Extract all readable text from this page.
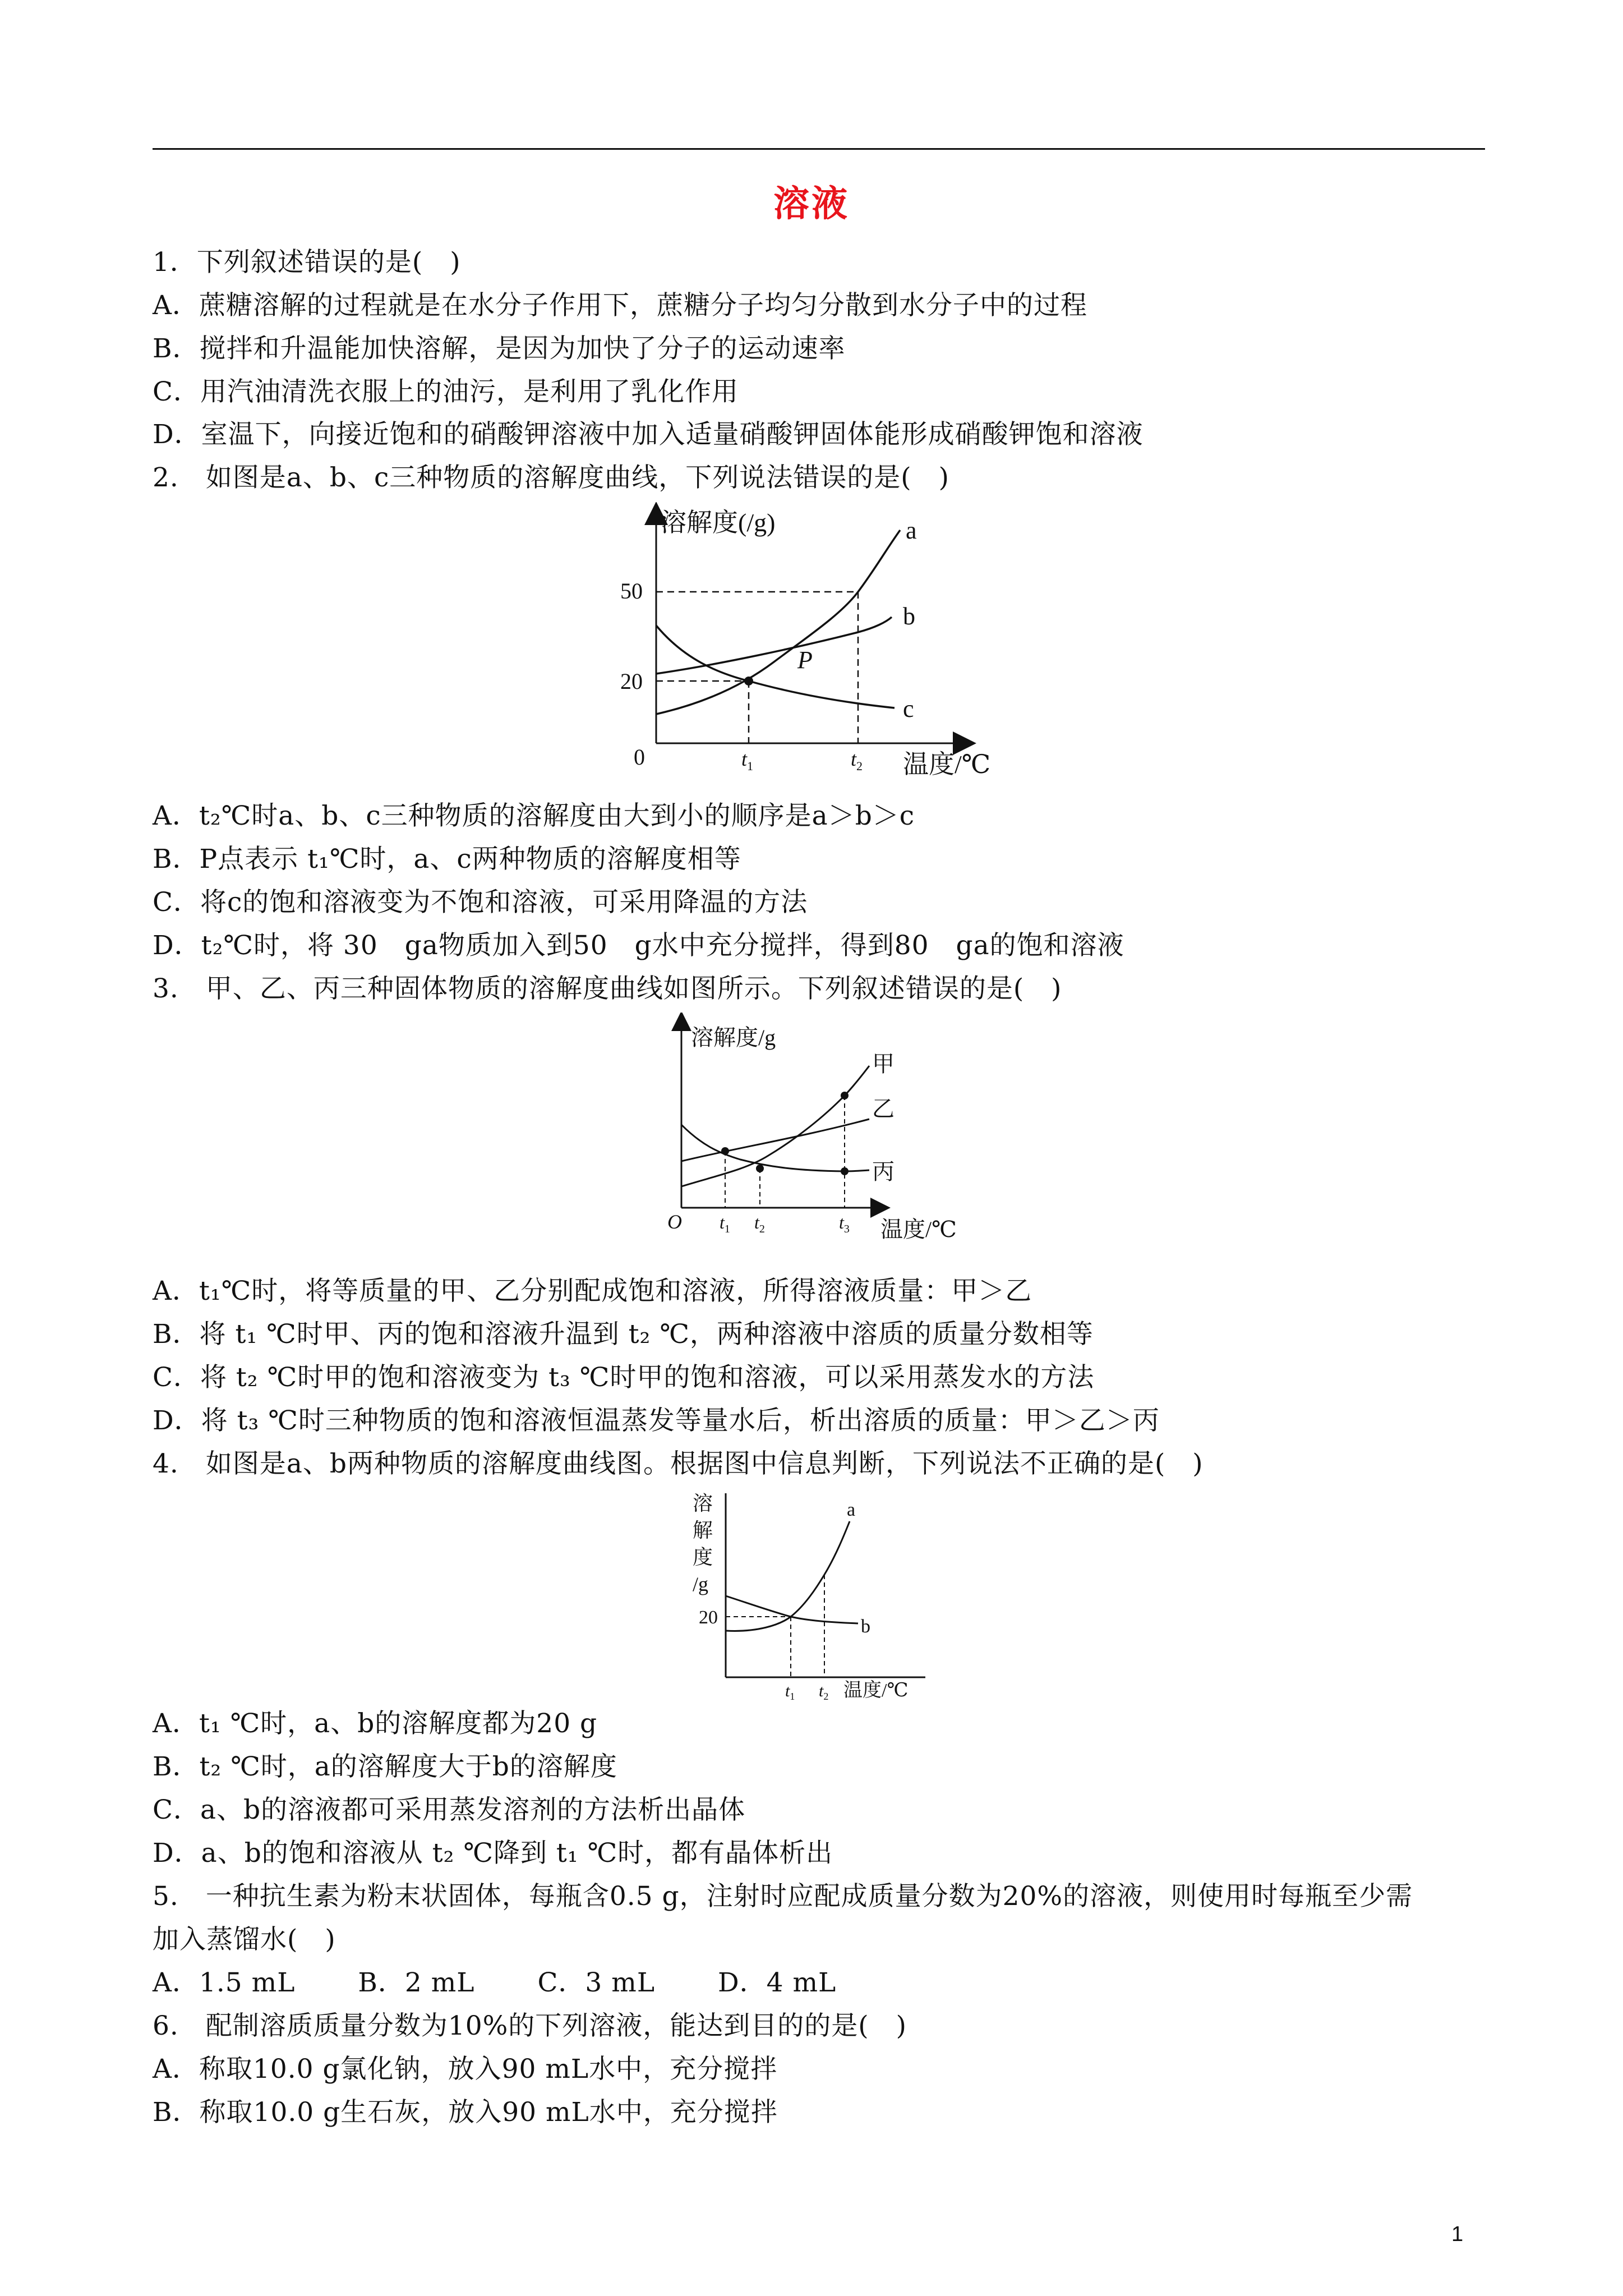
溶液
1．下列叙述错误的是(　)
A．蔗糖溶解的过程就是在水分子作用下，蔗糖分子均匀分散到水分子中的过程
B．搅拌和升温能加快溶解，是因为加快了分子的运动速率
C．用汽油清洗衣服上的油污，是利用了乳化作用
D．室温下，向接近饱和的硝酸钾溶液中加入适量硝酸钾固体能形成硝酸钾饱和溶液
2.　如图是a、b、c三种物质的溶解度曲线，下列说法错误的是(　)
溶解度(/g)
温度/℃
0
50
20
a
b
c
P
$t_1$	$t_2$
A．t₂℃时a、b、c三种物质的溶解度由大到小的顺序是a＞b＞c
B．P点表示 t₁℃时，a、c两种物质的溶解度相等
C．将c的饱和溶液变为不饱和溶液，可采用降温的方法
D．t₂℃时，将 30　ga物质加入到50　g水中充分搅拌，得到80　ga的饱和溶液
3.　甲、乙、丙三种固体物质的溶解度曲线如图所示。下列叙述错误的是(　)
溶解度/g
温度/℃
O
甲
乙
丙
$t_1$ $t_2$	$t_3$
A．t₁℃时，将等质量的甲、乙分别配成饱和溶液，所得溶液质量：甲＞乙
B．将 t₁ ℃时甲、丙的饱和溶液升温到 t₂ ℃，两种溶液中溶质的质量分数相等
C．将 t₂ ℃时甲的饱和溶液变为 t₃ ℃时甲的饱和溶液，可以采用蒸发水的方法
D．将 t₃ ℃时三种物质的饱和溶液恒温蒸发等量水后，析出溶质的质量：甲＞乙＞丙
4.　如图是a、b两种物质的溶解度曲线图。根据图中信息判断，下列说法不正确的是(　)
溶
解
度
/g
20
a
b
$t_1$ $t_2$ 温度/℃
A．t₁ ℃时，a、b的溶解度都为20 g
B．t₂ ℃时，a的溶解度大于b的溶解度
C．a、b的溶液都可采用蒸发溶剂的方法析出晶体
D．a、b的饱和溶液从 t₂ ℃降到 t₁ ℃时，都有晶体析出
5.　一种抗生素为粉末状固体，每瓶含0.5 g，注射时应配成质量分数为20%的溶液，则使用时每瓶至少需
加入蒸馏水(　)
A．1.5 mL　　 B．2 mL　　 C．3 mL　　 D．4 mL
6.　配制溶质质量分数为10%的下列溶液，能达到目的的是(　)
A．称取10.0 g氯化钠，放入90 mL水中，充分搅拌
B．称取10.0 g生石灰，放入90 mL水中，充分搅拌
1
